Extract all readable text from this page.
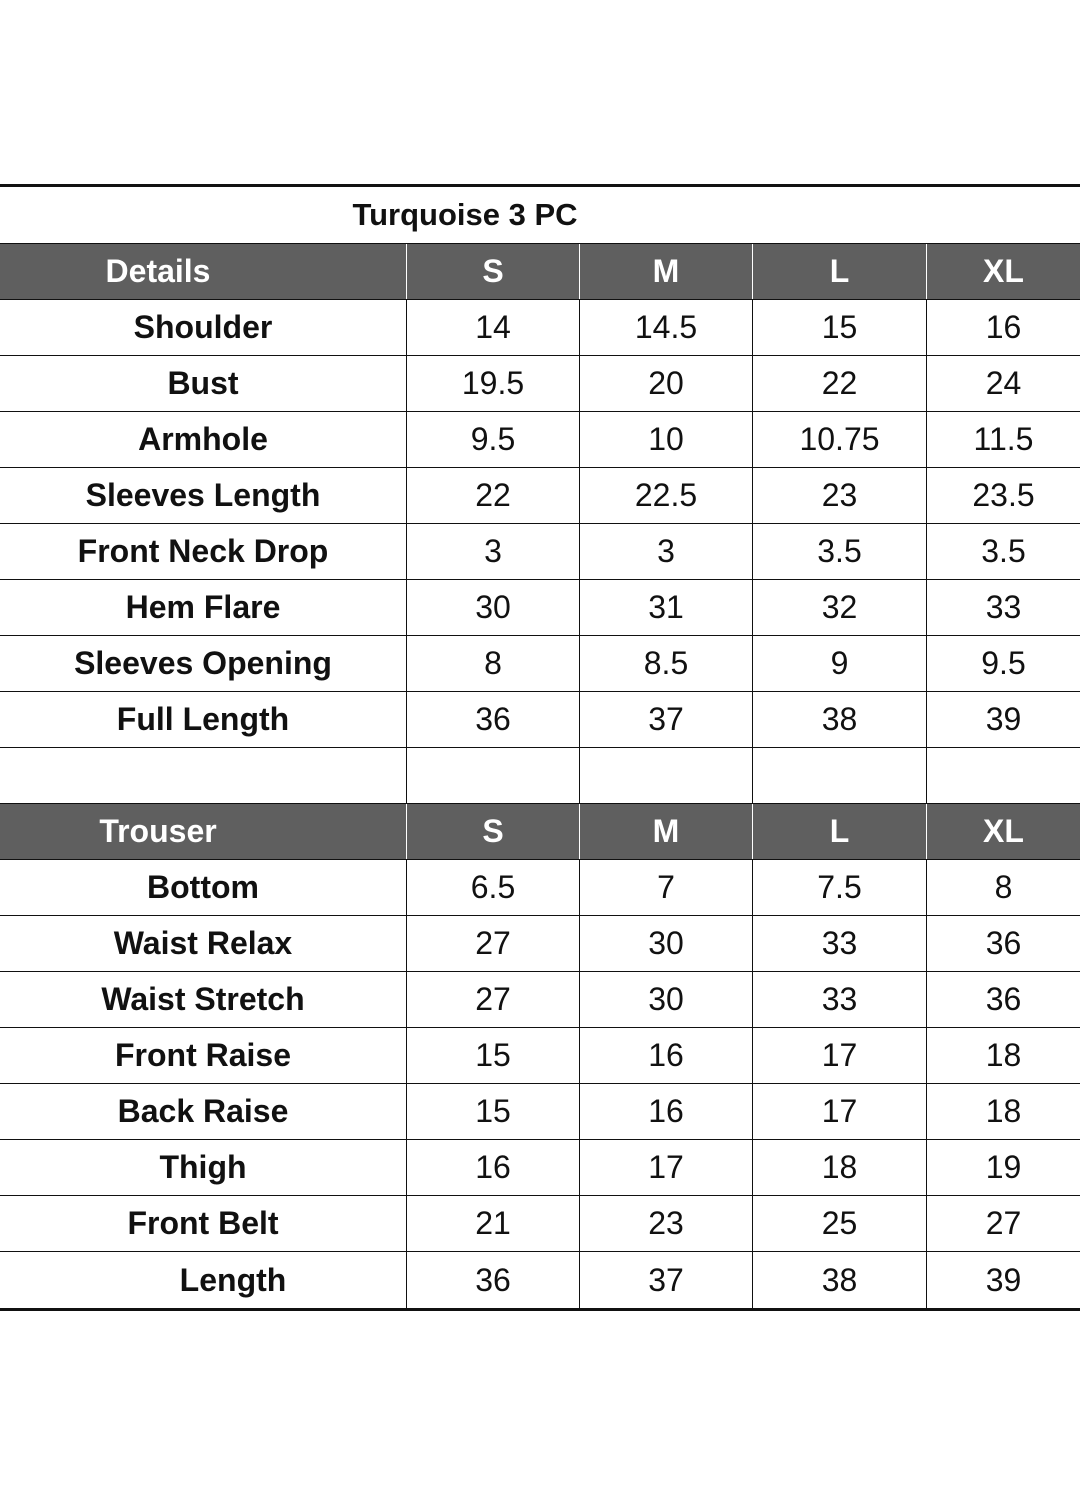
Turquoise 3 PC
Details	S	M	L	XL
Shoulder	14	14.5	15	16
Bust	19.5	20	22	24
Armhole	9.5	10	10.75	11.5
Sleeves Length	22	22.5	23	23.5
Front Neck Drop	3	3	3.5	3.5
Hem Flare	30	31	32	33
Sleeves Opening	8	8.5	9	9.5
Full Length	36	37	38	39
Trouser	S	M	L	XL
Bottom	6.5	7	7.5	8
Waist Relax	27	30	33	36
Waist Stretch	27	30	33	36
Front Raise	15	16	17	18
Back Raise	15	16	17	18
Thigh	16	17	18	19
Front Belt	21	23	25	27
Length	36	37	38	39
